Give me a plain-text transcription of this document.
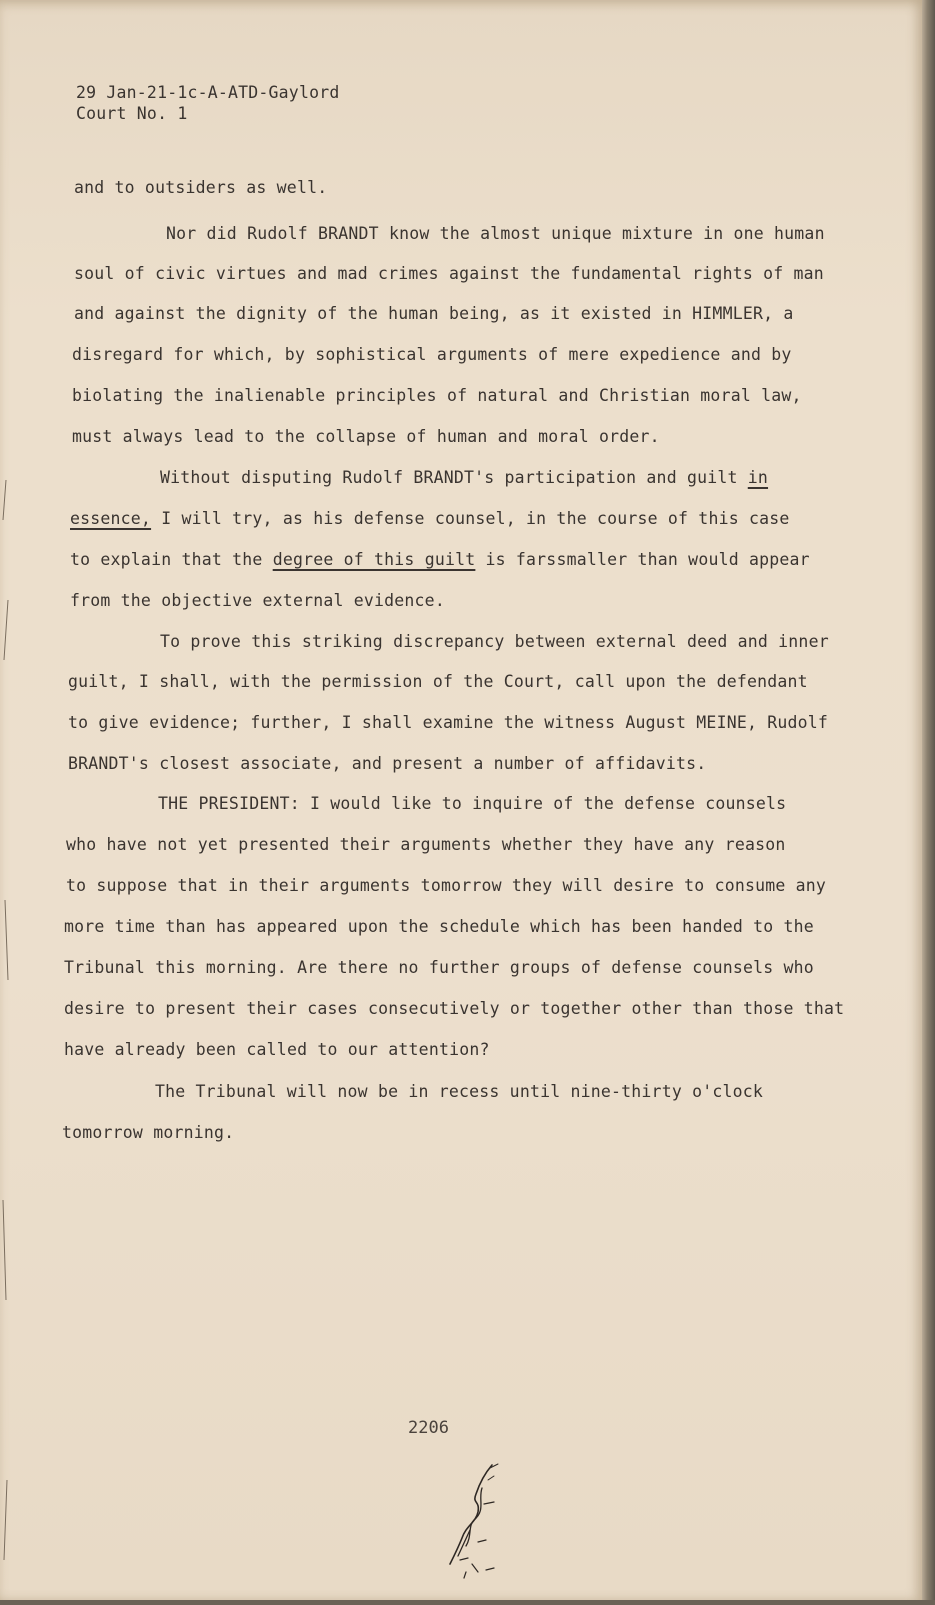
29 Jan-21-1c-A-ATD-Gaylord
Court No. 1
and to outsiders as well.
Nor did Rudolf BRANDT know the almost unique mixture in one human
soul of civic virtues and mad crimes against the fundamental rights of man
and against the dignity of the human being, as it existed in HIMMLER, a
disregard for which, by sophistical arguments of mere expedience and by
biolating the inalienable principles of natural and Christian moral law,
must always lead to the collapse of human and moral order.
Without disputing Rudolf BRANDT's participation and guilt in
essence, I will try, as his defense counsel, in the course of this case
to explain that the degree of this guilt is farssmaller than would appear
from the objective external evidence.
To prove this striking discrepancy between external deed and inner
guilt, I shall, with the permission of the Court, call upon the defendant
to give evidence; further, I shall examine the witness August MEINE, Rudolf
BRANDT's closest associate, and present a number of affidavits.
THE PRESIDENT: I would like to inquire of the defense counsels
who have not yet presented their arguments whether they have any reason
to suppose that in their arguments tomorrow they will desire to consume any
more time than has appeared upon the schedule which has been handed to the
Tribunal this morning. Are there no further groups of defense counsels who
desire to present their cases consecutively or together other than those that
have already been called to our attention?
The Tribunal will now be in recess until nine-thirty o'clock
tomorrow morning.
2206
